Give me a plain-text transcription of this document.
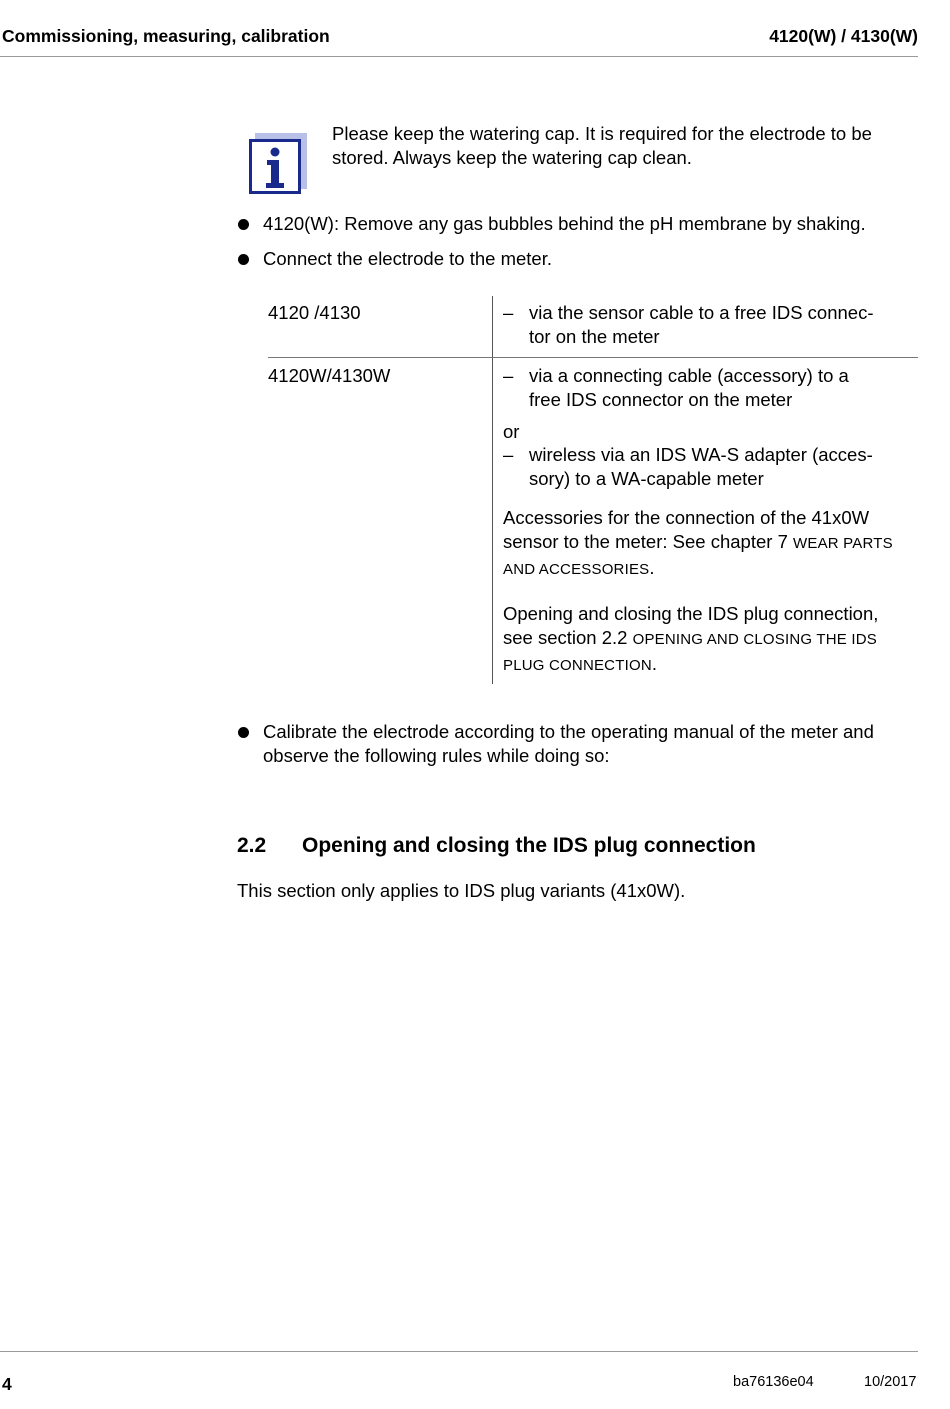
Commissioning, measuring, calibration	4120(W) / 4130(W)
Please keep the watering cap. It is required for the electrode to be stored. Always keep the watering cap clean.
4120(W): Remove any gas bubbles behind the pH membrane by shaking.
Connect the electrode to the meter.
4120 /4130	– via the sensor cable to a free IDS connec-
tor on the meter
4120W/4130W	– via a connecting cable (accessory) to a
free IDS connector on the meter
or
– wireless via an IDS WA-S adapter (acces-
sory) to a WA-capable meter
Accessories for the connection of the 41x0W sensor to the meter: See chapter 7 WEAR PARTS AND ACCESSORIES.
Opening and closing the IDS plug connection, see section 2.2 OPENING AND CLOSING THE IDS PLUG CONNECTION.
Calibrate the electrode according to the operating manual of the meter and observe the following rules while doing so:
2.2 Opening and closing the IDS plug connection
This section only applies to IDS plug variants (41x0W).
4	ba76136e04	10/2017
